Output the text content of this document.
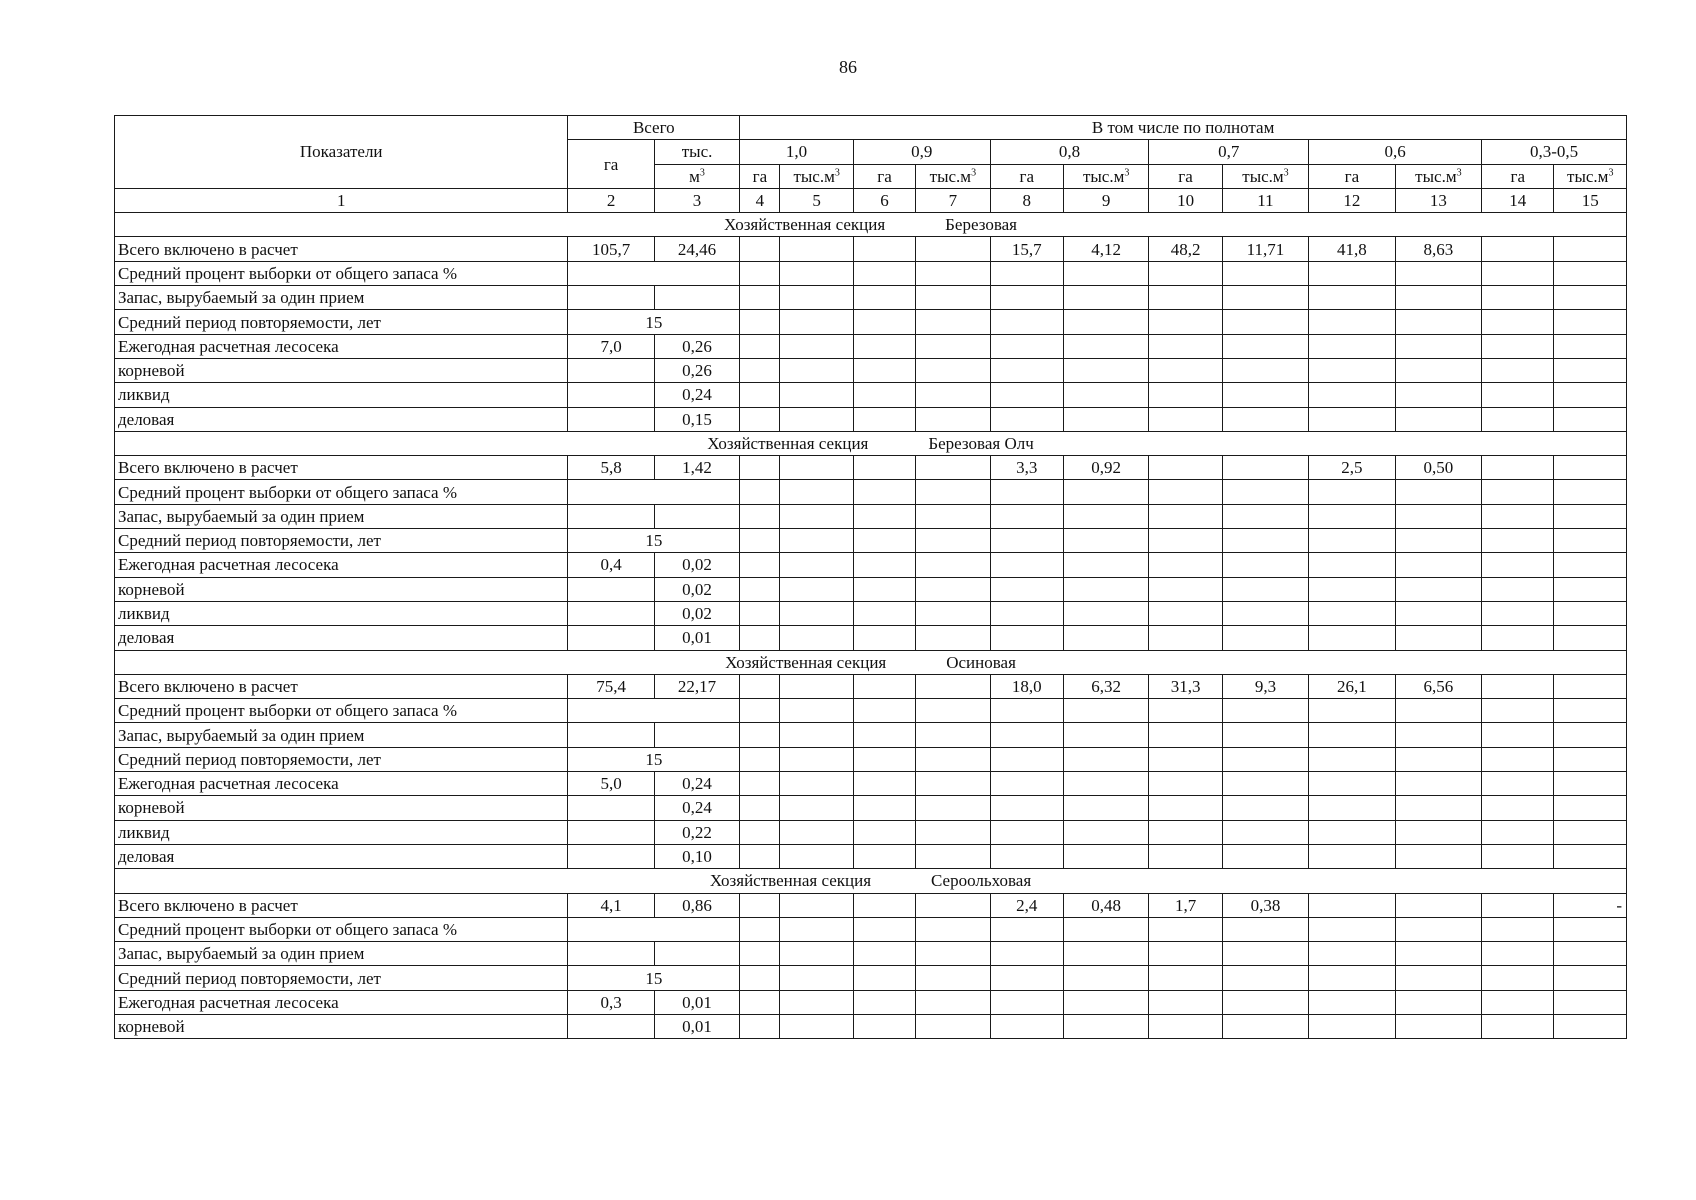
86
Показатели	Всего		В том числе по полнотам											
	га	тыс.	1,0		0,9		0,8		0,7		0,6		0,3-0,5	
		$м^3$	га	$тыс.м^3$	га	$тыс.м^3$	га	$тыс.м^3$	га	$тыс.м^3$	га	$тыс.м^3$	га	$тыс.м^3$
1	2	3	4	5	6	7	8	9	10	11	12	13	14	15
Хозяйственная секция Березовая														
Всего включено в расчет	105,7	24,46					15,7	4,12	48,2	11,71	41,8	8,63		
Средний процент выборки от общего запаса %														
Запас, вырубаемый за один прием														
Средний период повторяемости, лет	15													
Ежегодная расчетная лесосека	7,0	0,26												
корневой		0,26												
ликвид		0,24												
деловая		0,15												
Хозяйственная секция Березовая Олч														
Всего включено в расчет	5,8	1,42					3,3	0,92			2,5	0,50		
Средний процент выборки от общего запаса %														
Запас, вырубаемый за один прием														
Средний период повторяемости, лет	15													
Ежегодная расчетная лесосека	0,4	0,02												
корневой		0,02												
ликвид		0,02												
деловая		0,01												
Хозяйственная секция Осиновая														
Всего включено в расчет	75,4	22,17					18,0	6,32	31,3	9,3	26,1	6,56		
Средний процент выборки от общего запаса %														
Запас, вырубаемый за один прием														
Средний период повторяемости, лет	15													
Ежегодная расчетная лесосека	5,0	0,24												
корневой		0,24												
ликвид		0,22												
деловая		0,10												
Хозяйственная секция Сероольховая														
Всего включено в расчет	4,1	0,86					2,4	0,48	1,7	0,38				-
Средний процент выборки от общего запаса %														
Запас, вырубаемый за один прием														
Средний период повторяемости, лет	15													
Ежегодная расчетная лесосека	0,3	0,01												
корневой		0,01												
